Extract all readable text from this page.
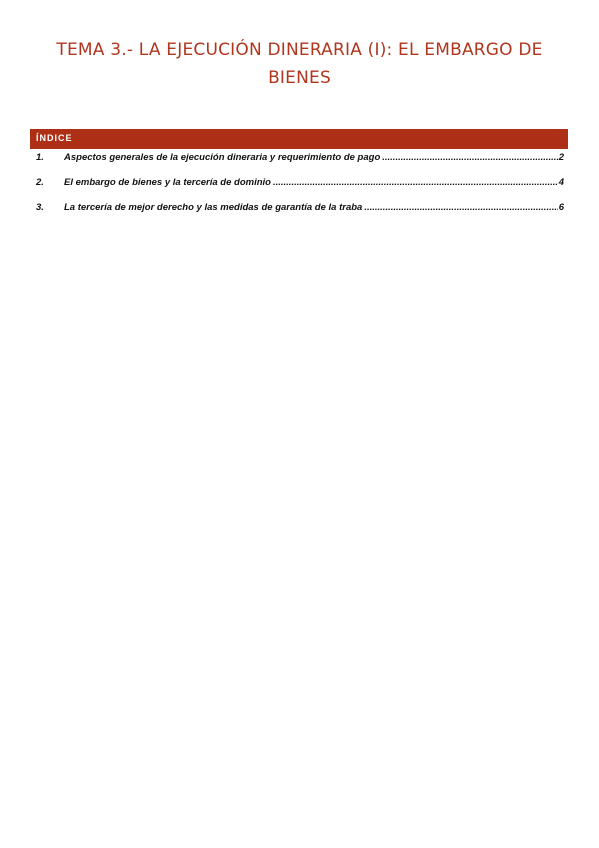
TEMA 3.- LA EJECUCIÓN DINERARIA (I): EL EMBARGO DE BIENES
ÍNDICE
1.	Aspectos generales de la ejecución dineraria y requerimiento de pago .....	2
2.	El embargo de bienes y la tercería de dominio .....	4
3.	La tercería de mejor derecho y las medidas de garantía de la traba .....	6
